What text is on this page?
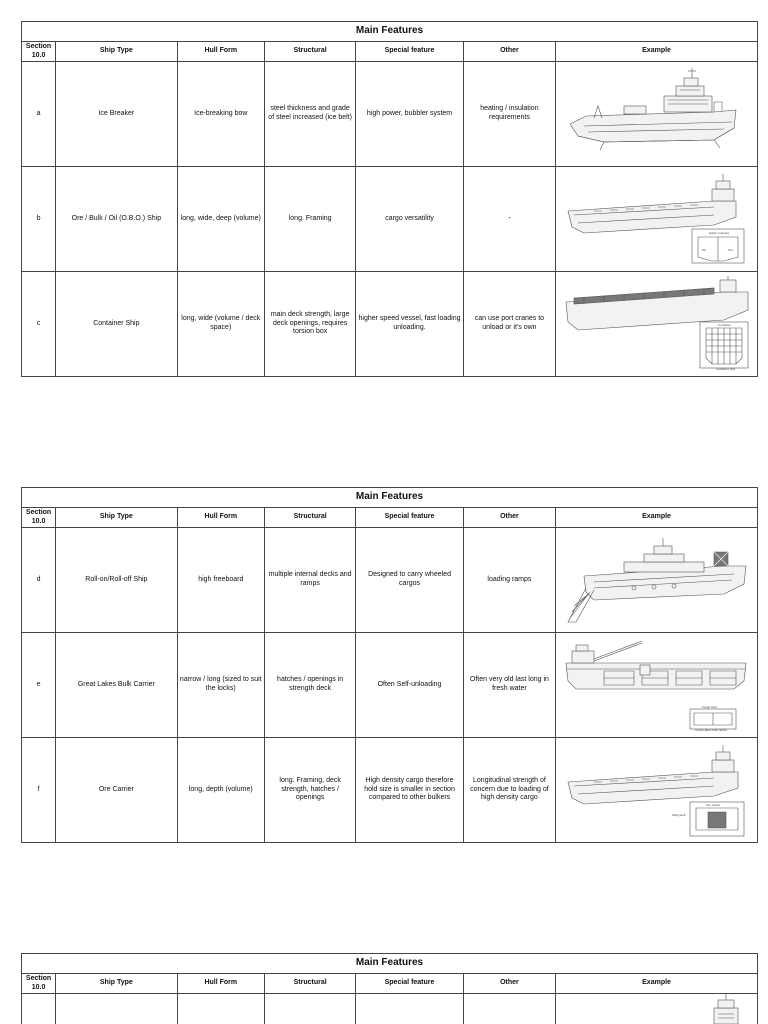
Main Features						
Section 10.0	Ship Type	Hull Form	Structural	Special feature	Other	Example
a	Ice Breaker	Ice-breaking bow	steel thickness and grade of steel increased (ice belt)	high power, bubbler system	heating / insulation requirements	

b	Ore / Bulk / Oil (O.B.O.) Ship	long, wide, deep (volume)	long. Framing	cargo versatility	-	Hatch coaming
Oil Ore

c	Container Ship	long, wide (volume / deck space)	main deck strength, large deck openings, requires torsion box	higher speed vessel, fast loading unloading.	can use port cranes to unload or it's own	Container
Container ship
Main Features						
Section 10.0	Ship Type	Hull Form	Structural	Special feature	Other	Example
d	Roll-on/Roll-off Ship	high freeboard	multiple internal decks and ramps	Designed to carry wheeled cargos	loading ramps	

e	Great Lakes Bulk Carrier	narrow / long (sized to suit the locks)	hatches / openings in strength deck	Often Self-unloading	Often very old last long in fresh water	Cargo hold
Great Lakes bulk carrier

f	Ore Carrier	long, depth (volume)	long. Framing, deck strength, hatches / openings	High density cargo therefore hold size is smaller in section compared to other bulkers	Longitudinal strength of concern due to loading of high density cargo	Ore carrier
Wing tank
Main Features						
Section 10.0	Ship Type	Hull Form	Structural	Special feature	Other	Example
